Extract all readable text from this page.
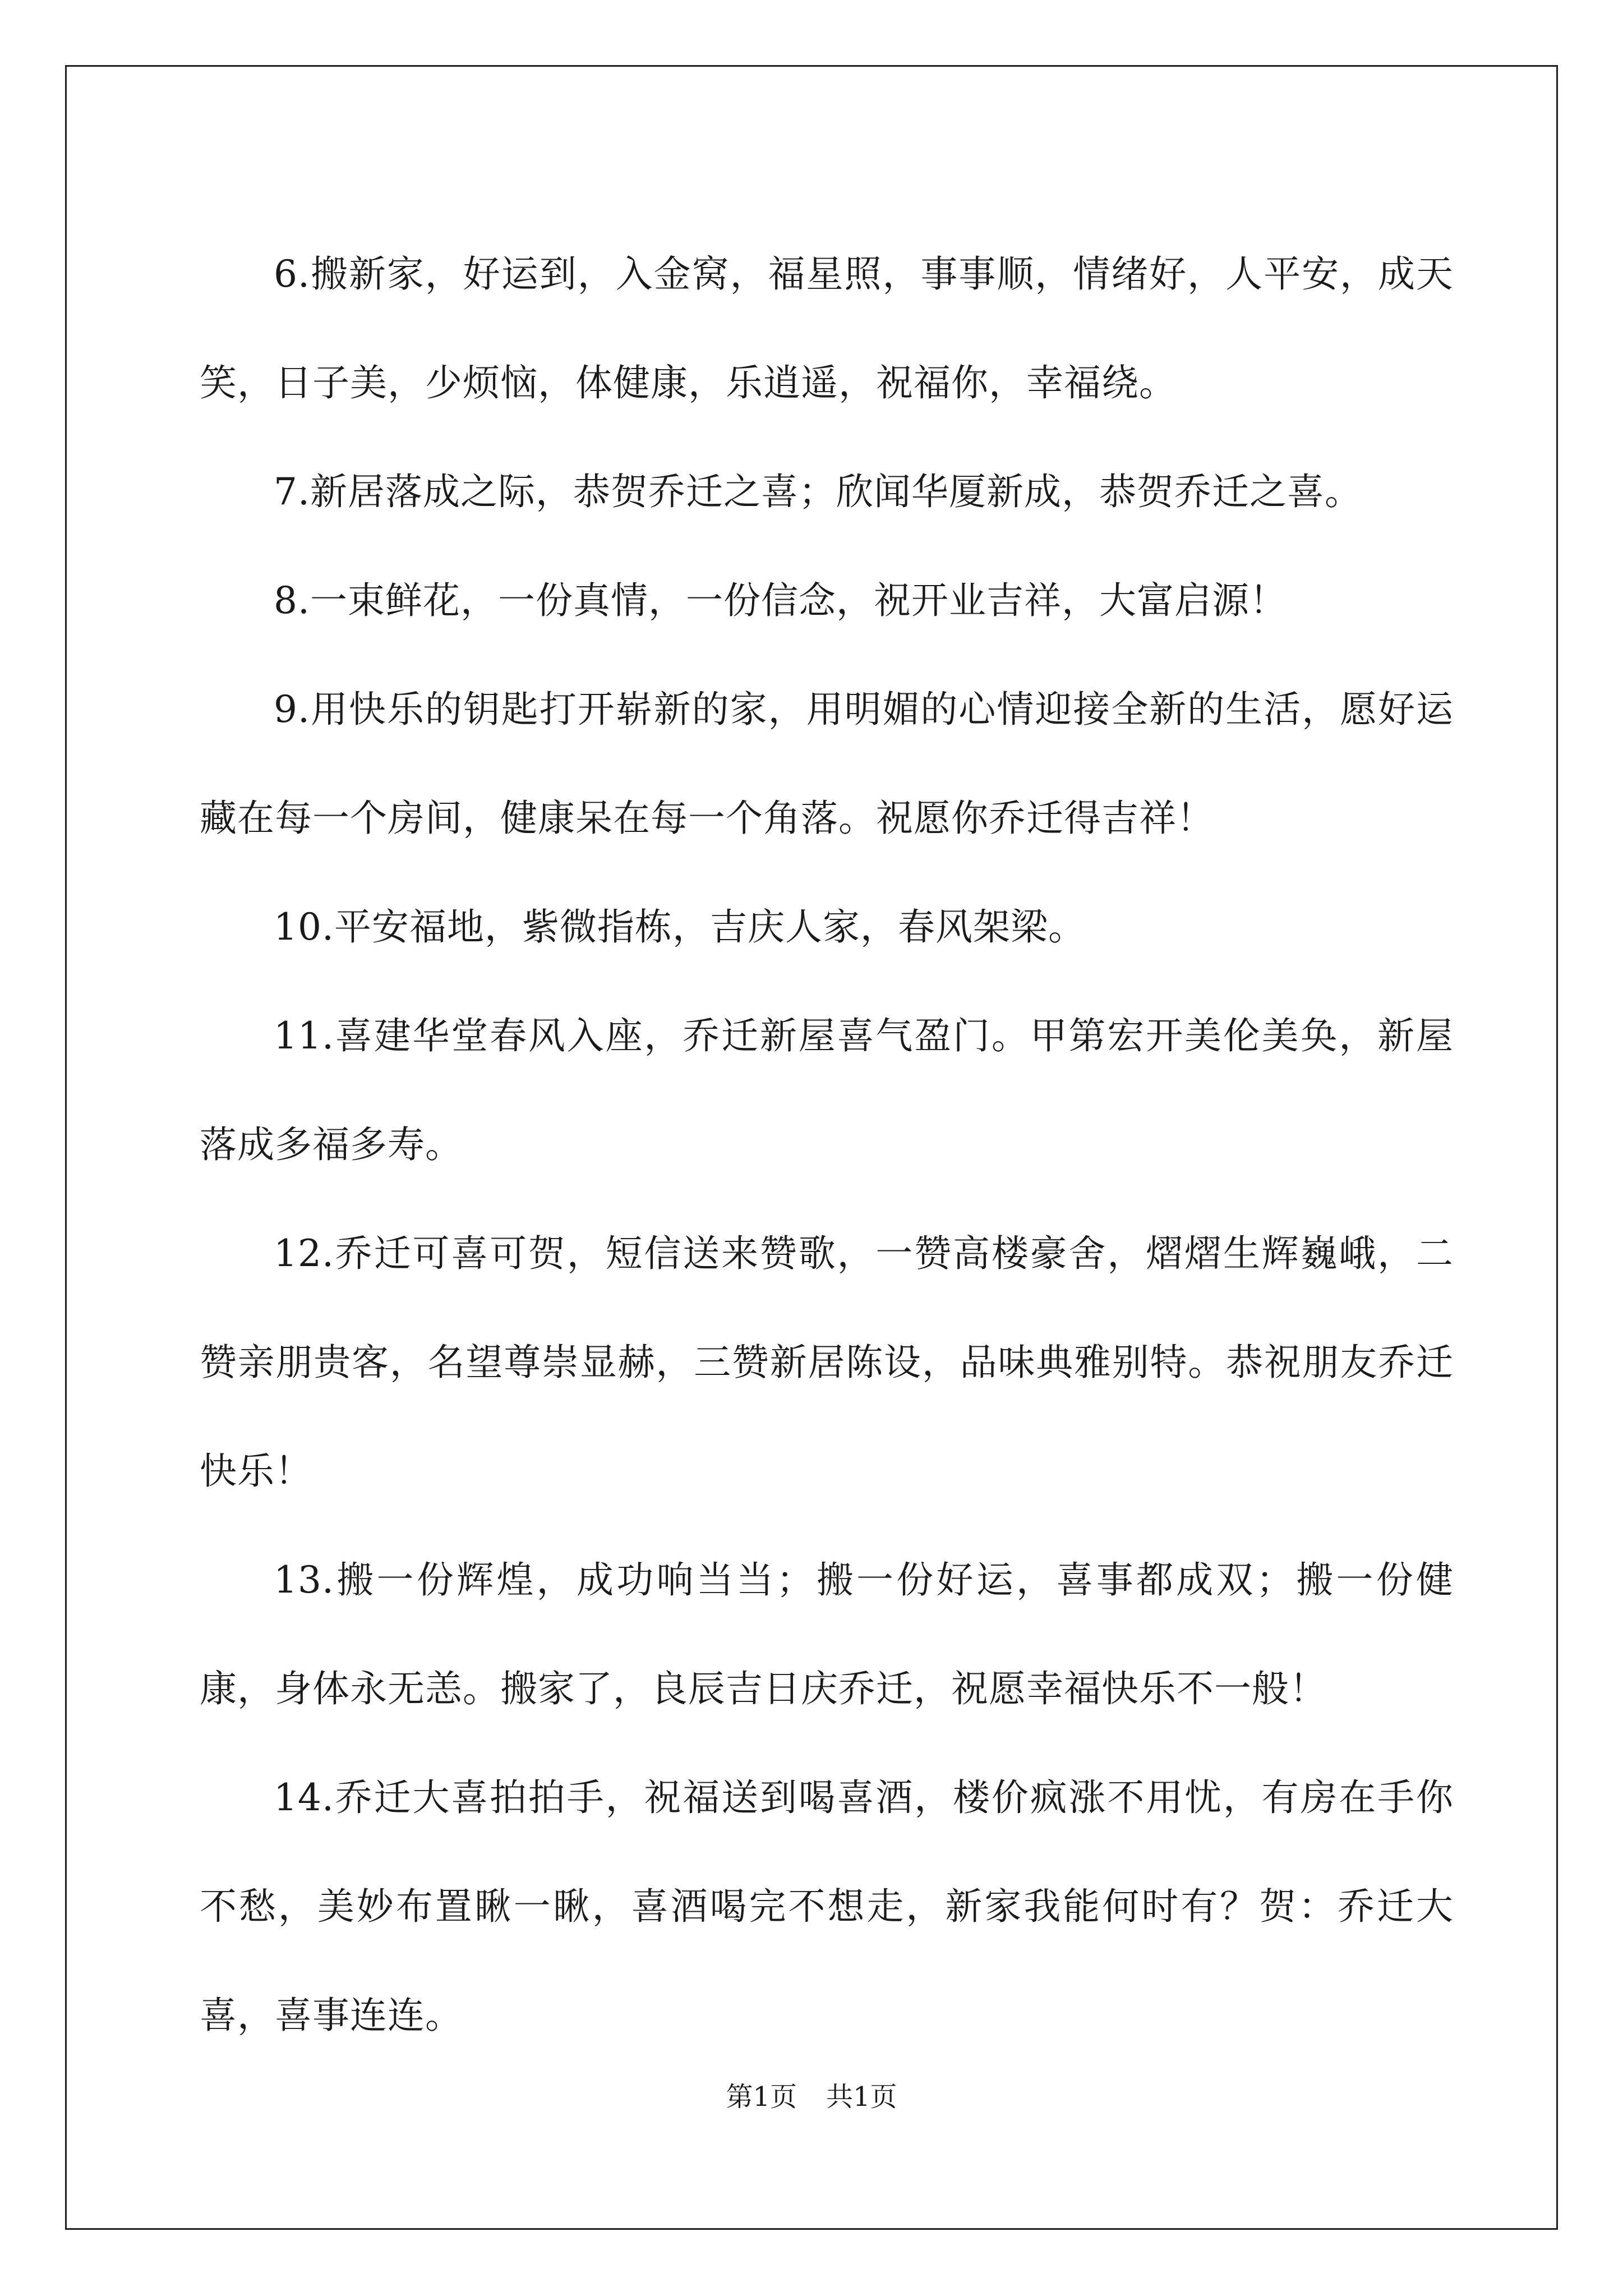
6.搬新家，好运到，入金窝，福星照，事事顺，情绪好，人平安，成天笑，日子美，少烦恼，体健康，乐逍遥，祝福你，幸福绕。

7.新居落成之际，恭贺乔迁之喜；欣闻华厦新成，恭贺乔迁之喜。

8.一束鲜花，一份真情，一份信念，祝开业吉祥，大富启源！

9.用快乐的钥匙打开崭新的家，用明媚的心情迎接全新的生活，愿好运藏在每一个房间，健康呆在每一个角落。祝愿你乔迁得吉祥！

10.平安福地，紫微指栋，吉庆人家，春风架梁。

11.喜建华堂春风入座，乔迁新屋喜气盈门。甲第宏开美伦美奂，新屋落成多福多寿。

12.乔迁可喜可贺，短信送来赞歌，一赞高楼豪舍，熠熠生辉巍峨，二赞亲朋贵客，名望尊崇显赫，三赞新居陈设，品味典雅别特。恭祝朋友乔迁快乐！

13.搬一份辉煌，成功响当当；搬一份好运，喜事都成双；搬一份健康，身体永无恙。搬家了，良辰吉日庆乔迁，祝愿幸福快乐不一般！

14.乔迁大喜拍拍手，祝福送到喝喜酒，楼价疯涨不用忧，有房在手你不愁，美妙布置瞅一瞅，喜酒喝完不想走，新家我能何时有？贺：乔迁大喜，喜事连连。

第1页 共1页
